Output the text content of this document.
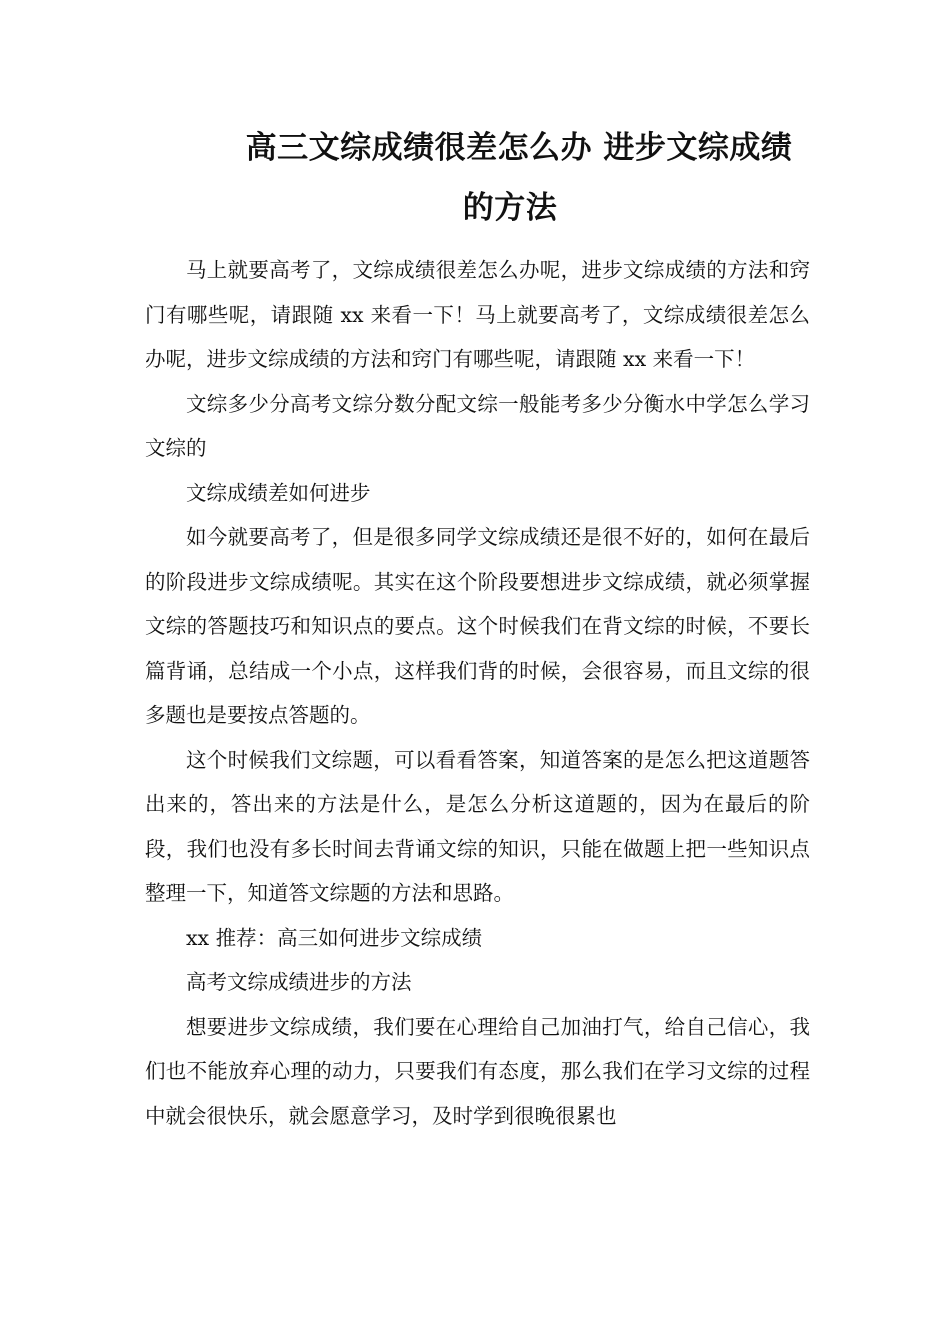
高三文综成绩很差怎么办 进步文综成绩
的方法

马上就要高考了，文综成绩很差怎么办呢，进步文综成绩的方法和窍门有哪些呢，请跟随 xx 来看一下！马上就要高考了，文综成绩很差怎么办呢，进步文综成绩的方法和窍门有哪些呢，请跟随 xx 来看一下！

文综多少分高考文综分数分配文综一般能考多少分衡水中学怎么学习文综的

文综成绩差如何进步

如今就要高考了，但是很多同学文综成绩还是很不好的，如何在最后的阶段进步文综成绩呢。其实在这个阶段要想进步文综成绩，就必须掌握文综的答题技巧和知识点的要点。这个时候我们在背文综的时候，不要长篇背诵，总结成一个小点，这样我们背的时候，会很容易，而且文综的很多题也是要按点答题的。

这个时候我们文综题，可以看看答案，知道答案的是怎么把这道题答出来的，答出来的方法是什么，是怎么分析这道题的，因为在最后的阶段，我们也没有多长时间去背诵文综的知识，只能在做题上把一些知识点整理一下，知道答文综题的方法和思路。

xx 推荐：高三如何进步文综成绩

高考文综成绩进步的方法

想要进步文综成绩，我们要在心理给自己加油打气，给自己信心，我们也不能放弃心理的动力，只要我们有态度，那么我们在学习文综的过程中就会很快乐，就会愿意学习，及时学到很晚很累也
